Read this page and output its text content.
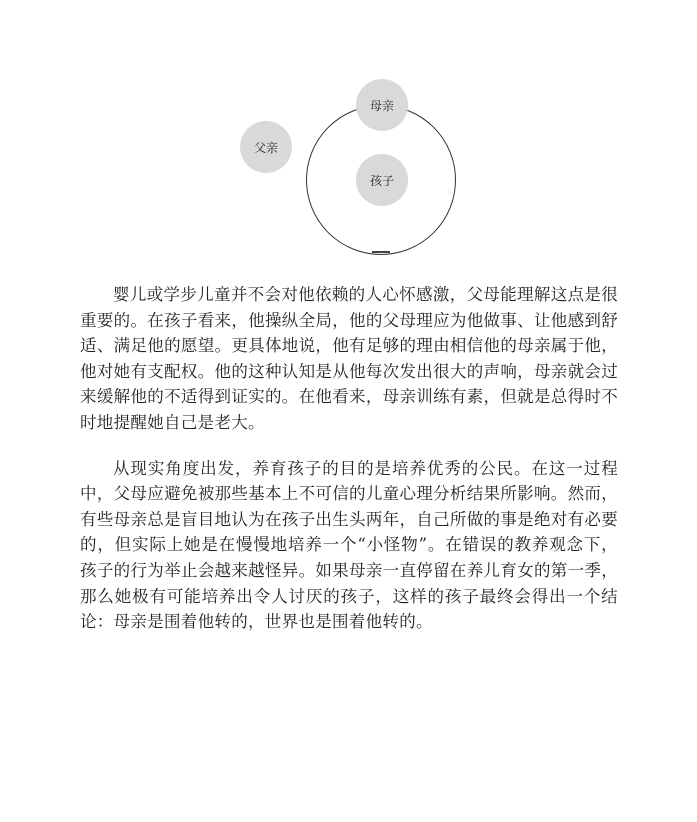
父亲
母亲
孩子

婴儿或学步儿童并不会对他依赖的人心怀感激，父母能理解这点是很重要的。在孩子看来，他操纵全局，他的父母理应为他做事、让他感到舒适、满足他的愿望。更具体地说，他有足够的理由相信他的母亲属于他，他对她有支配权。他的这种认知是从他每次发出很大的声响，母亲就会过来缓解他的不适得到证实的。在他看来，母亲训练有素，但就是总得时不时地提醒她自己是老大。

从现实角度出发，养育孩子的目的是培养优秀的公民。在这一过程中，父母应避免被那些基本上不可信的儿童心理分析结果所影响。然而，有些母亲总是盲目地认为在孩子出生头两年，自己所做的事是绝对有必要的，但实际上她是在慢慢地培养一个“小怪物”。在错误的教养观念下，孩子的行为举止会越来越怪异。如果母亲一直停留在养儿育女的第一季，那么她极有可能培养出令人讨厌的孩子，这样的孩子最终会得出一个结论：母亲是围着他转的，世界也是围着他转的。
